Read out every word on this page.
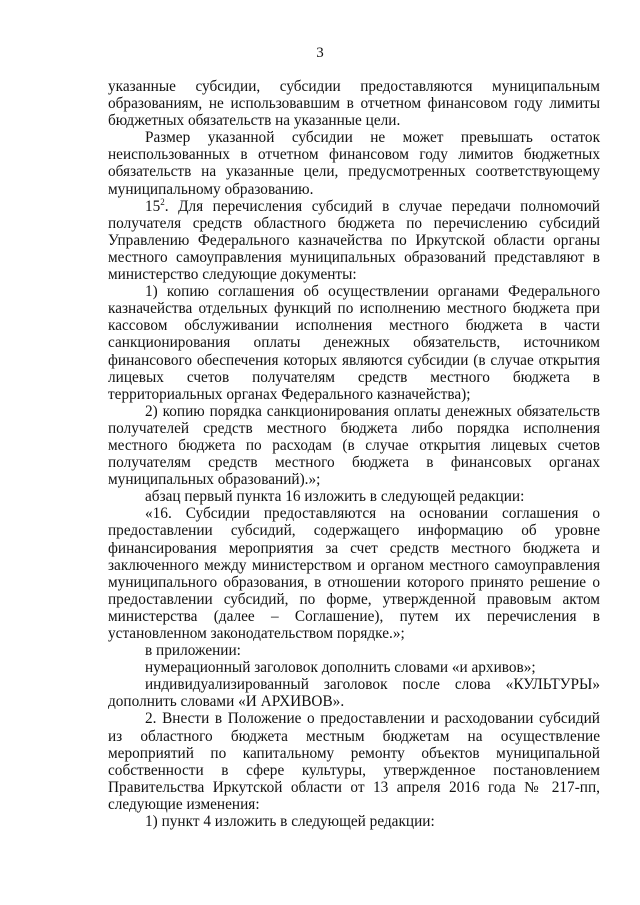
3

указанные субсидии, субсидии предоставляются муниципальным образованиям, не использовавшим в отчетном финансовом году лимиты бюджетных обязательств на указанные цели.

Размер указанной субсидии не может превышать остаток неиспользованных в отчетном финансовом году лимитов бюджетных обязательств на указанные цели, предусмотренных соответствующему муниципальному образованию.

$15^2$. Для перечисления субсидий в случае передачи полномочий получателя средств областного бюджета по перечислению субсидий Управлению Федерального казначейства по Иркутской области органы местного самоуправления муниципальных образований представляют в министерство следующие документы:

1) копию соглашения об осуществлении органами Федерального казначейства отдельных функций по исполнению местного бюджета при кассовом обслуживании исполнения местного бюджета в части санкционирования оплаты денежных обязательств, источником финансового обеспечения которых являются субсидии (в случае открытия лицевых счетов получателям средств местного бюджета в территориальных органах Федерального казначейства);

2) копию порядка санкционирования оплаты денежных обязательств получателей средств местного бюджета либо порядка исполнения местного бюджета по расходам (в случае открытия лицевых счетов получателям средств местного бюджета в финансовых органах муниципальных образований).»;

абзац первый пункта 16 изложить в следующей редакции:

«16. Субсидии предоставляются на основании соглашения о предоставлении субсидий, содержащего информацию об уровне финансирования мероприятия за счет средств местного бюджета и заключенного между министерством и органом местного самоуправления муниципального образования, в отношении которого принято решение о предоставлении субсидий, по форме, утвержденной правовым актом министерства (далее – Соглашение), путем их перечисления в установленном законодательством порядке.»;

в приложении:

нумерационный заголовок дополнить словами «и архивов»;

индивидуализированный заголовок после слова «КУЛЬТУРЫ» дополнить словами «И АРХИВОВ».

2. Внести в Положение о предоставлении и расходовании субсидий из областного бюджета местным бюджетам на осуществление мероприятий по капитальному ремонту объектов муниципальной собственности в сфере культуры, утвержденное постановлением Правительства Иркутской области от 13 апреля 2016 года № 217-пп, следующие изменения:

1) пункт 4 изложить в следующей редакции:
